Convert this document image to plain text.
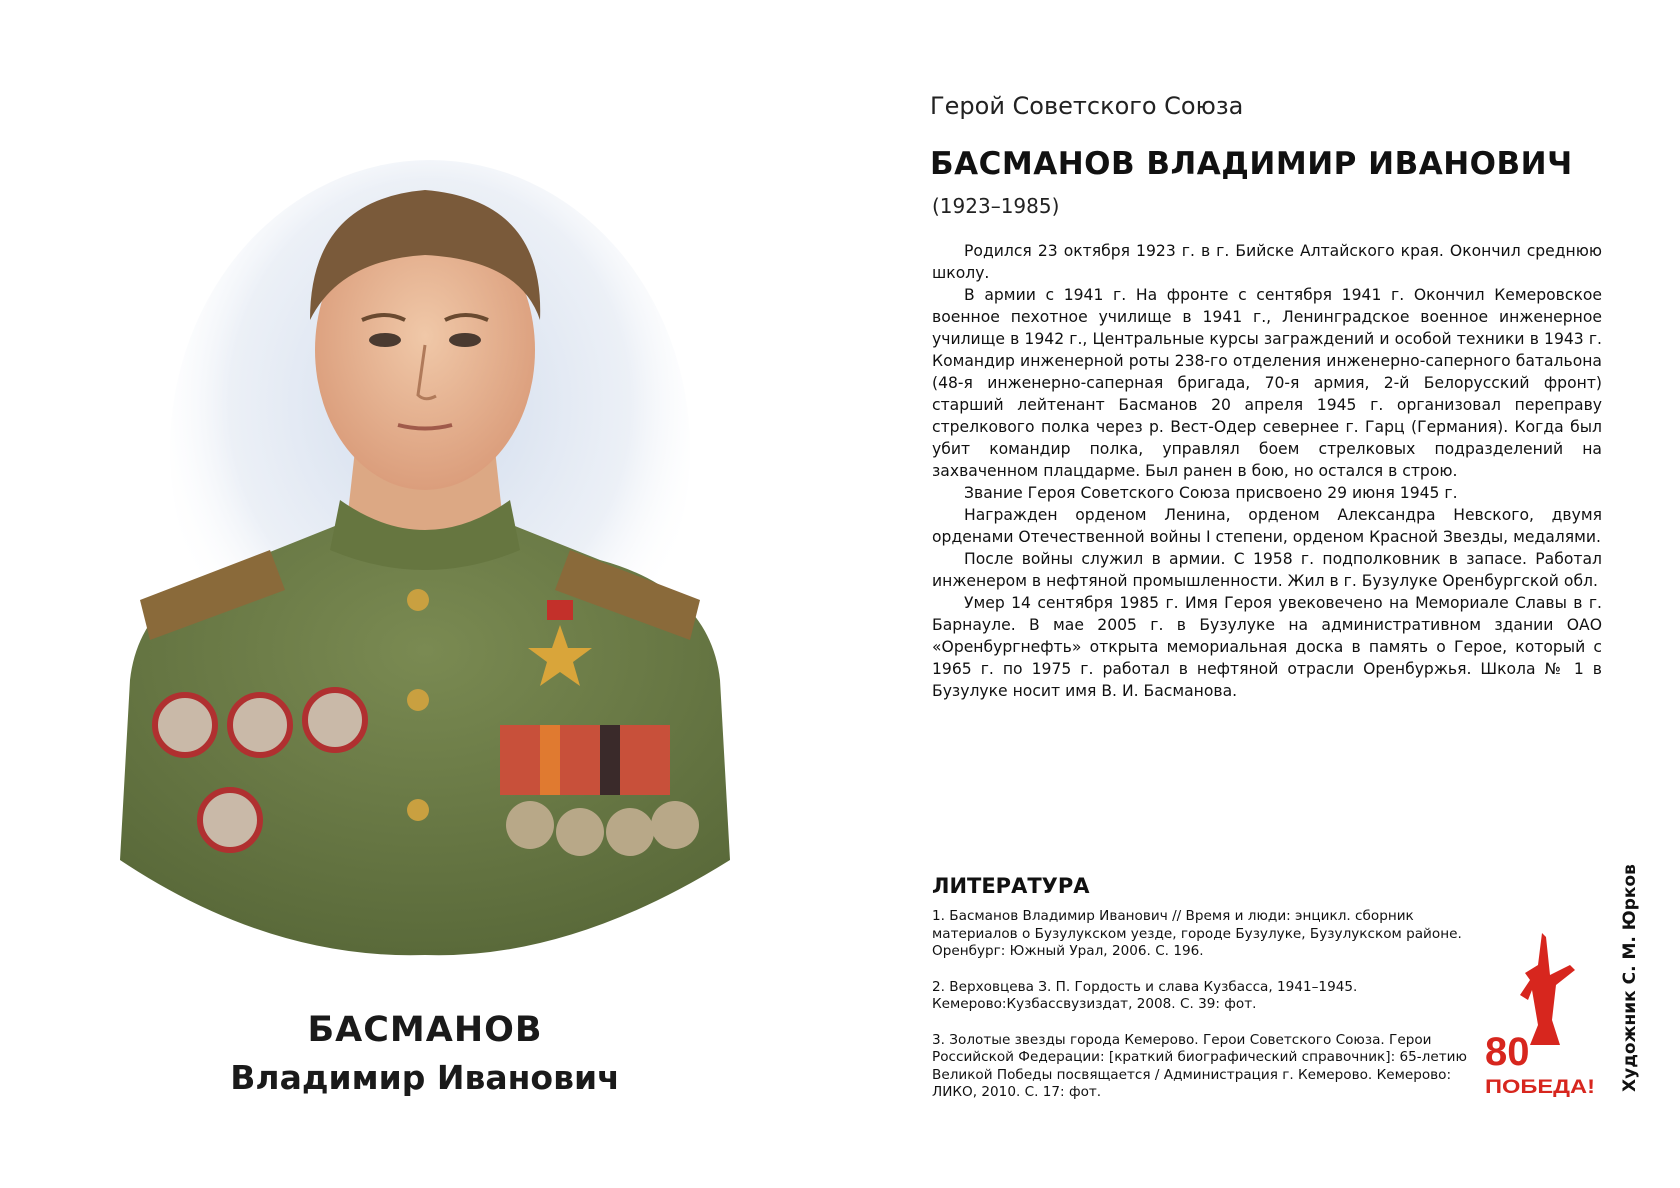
БАСМАНОВ
Владимир Иванович
Герой Советского Союза
БАСМАНОВ ВЛАДИМИР ИВАНОВИЧ
(1923–1985)

Родился 23 октября 1923 г. в г. Бийске Алтайского края. Окончил среднюю школу.

В армии с 1941 г. На фронте с сентября 1941 г. Окончил Кемеровское военное пехотное училище в 1941 г., Ленинградское военное инженерное училище в 1942 г., Центральные курсы заграждений и особой техники в 1943 г. Командир инженерной роты 238-го отделения инженерно-саперного батальона (48-я инженерно-саперная бригада, 70-я армия, 2-й Белорусский фронт) старший лейтенант Басманов 20 апреля 1945 г. организовал переправу стрелкового полка через р. Вест-Одер севернее г. Гарц (Германия). Когда был убит командир полка, управлял боем стрелковых подразделений на захваченном плацдарме. Был ранен в бою, но остался в строю.

Звание Героя Советского Союза присвоено 29 июня 1945 г.

Награжден орденом Ленина, орденом Александра Невского, двумя орденами Отечественной войны I степени, орденом Красной Звезды, медалями.

После войны служил в армии. С 1958 г. подполковник в запасе. Работал инженером в нефтяной промышленности. Жил в г. Бузулуке Оренбургской обл.

Умер 14 сентября 1985 г. Имя Героя увековечено на Мемориале Славы в г. Барнауле. В мае 2005 г. в Бузулуке на административном здании ОАО «Оренбургнефть» открыта мемориальная доска в память о Герое, который с 1965 г. по 1975 г. работал в нефтяной отрасли Оренбуржья. Школа № 1 в Бузулуке носит имя В. И. Басманова.

ЛИТЕРАТУРА
1. Басманов Владимир Иванович // Время и люди: энцикл. сборник материалов о Бузулукском уезде, городе Бузулуке, Бузулукском районе. Оренбург: Южный Урал, 2006. С. 196.
2. Верховцева З. П. Гордость и слава Кузбасса, 1941–1945. Кемерово:Кузбассвузиздат, 2008. С. 39: фот.
3. Золотые звезды города Кемерово. Герои Советского Союза. Герои Российской Федерации: [краткий биографический справочник]: 65-летию Великой Победы посвящается / Администрация г. Кемерово. Кемерово: ЛИКО, 2010. С. 17: фот.
80
ПОБЕДА! Художник С. М. Юрков
